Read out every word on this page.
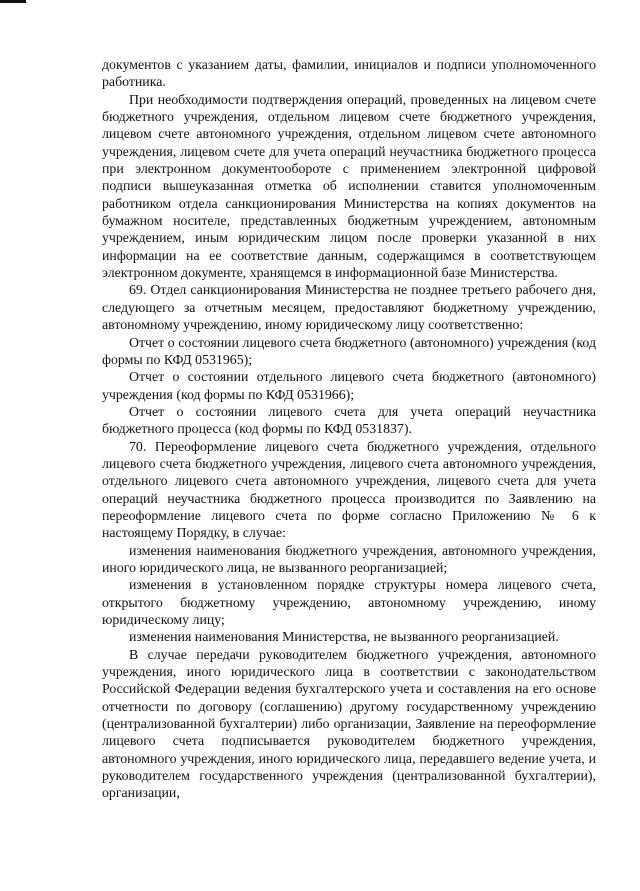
документов с указанием даты, фамилии, инициалов и подписи уполномоченного работника.

При необходимости подтверждения операций, проведенных на лицевом счете бюджетного учреждения, отдельном лицевом счете бюджетного учреждения, лицевом счете автономного учреждения, отдельном лицевом счете автономного учреждения, лицевом счете для учета операций неучастника бюджетного процесса при электронном документообороте с применением электронной цифровой подписи вышеуказанная отметка об исполнении ставится уполномоченным работником отдела санкционирования Министерства на копиях документов на бумажном носителе, представленных бюджетным учреждением, автономным учреждением, иным юридическим лицом после проверки указанной в них информации на ее соответствие данным, содержащимся в соответствующем электронном документе, хранящемся в информационной базе Министерства.

69. Отдел санкционирования Министерства не позднее третьего рабочего дня, следующего за отчетным месяцем, предоставляют бюджетному учреждению, автономному учреждению, иному юридическому лицу соответственно:

Отчет о состоянии лицевого счета бюджетного (автономного) учреждения (код формы по КФД 0531965);

Отчет о состоянии отдельного лицевого счета бюджетного (автономного) учреждения (код формы по КФД 0531966);

Отчет о состоянии лицевого счета для учета операций неучастника бюджетного процесса (код формы по КФД 0531837).

70. Переоформление лицевого счета бюджетного учреждения, отдельного лицевого счета бюджетного учреждения, лицевого счета автономного учреждения, отдельного лицевого счета автономного учреждения, лицевого счета для учета операций неучастника бюджетного процесса производится по Заявлению на переоформление лицевого счета по форме согласно Приложению № 6 к настоящему Порядку, в случае:

изменения наименования бюджетного учреждения, автономного учреждения, иного юридического лица, не вызванного реорганизацией;

изменения в установленном порядке структуры номера лицевого счета, открытого бюджетному учреждению, автономному учреждению, иному юридическому лицу;

изменения наименования Министерства, не вызванного реорганизацией.

В случае передачи руководителем бюджетного учреждения, автономного учреждения, иного юридического лица в соответствии с законодательством Российской Федерации ведения бухгалтерского учета и составления на его основе отчетности по договору (соглашению) другому государственному учреждению (централизованной бухгалтерии) либо организации, Заявление на переоформление лицевого счета подписывается руководителем бюджетного учреждения, автономного учреждения, иного юридического лица, передавшего ведение учета, и руководителем государственного учреждения (централизованной бухгалтерии), организации,
